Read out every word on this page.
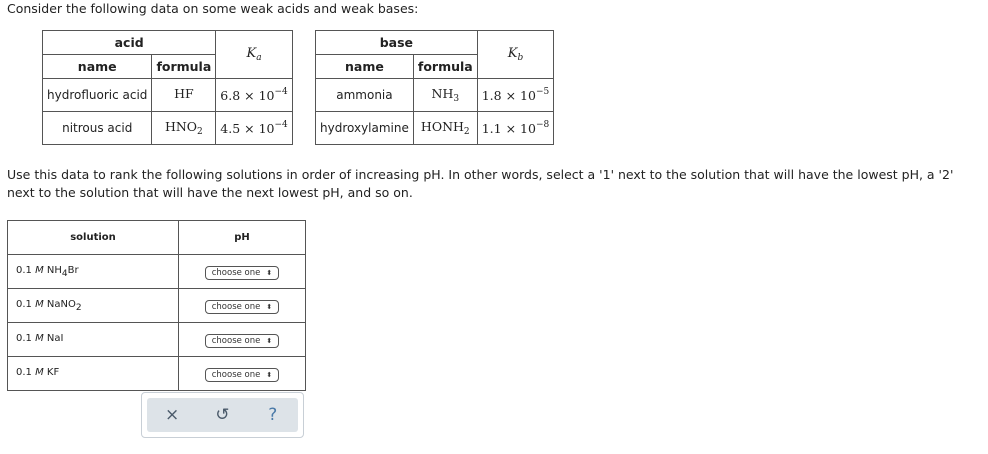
Consider the following data on some weak acids and weak bases:
acid		$K_a$
name	formula	
hydrofluoric acid	HF	$6.8 \times 10^{-4}$
nitrous acid	$HNO_2$	$4.5 \times 10^{-4}$
base		$K_b$
name	formula	
ammonia	$NH_3$	$1.8 \times 10^{-5}$
hydroxylamine	$HONH_2$	$1.1 \times 10^{-8}$
Use this data to rank the following solutions in order of increasing pH. In other words, select a '1' next to the solution that will have the lowest pH, a '2' next to the solution that will have the next lowest pH, and so on.
solution	pH
0.1 M $NH_4Br$	choose one ⬍

0.1 M NaNO$_2$	choose one ⬍

0.1 M NaI	choose one ⬍

0.1 M KF	choose one ⬍
×	↺	?
